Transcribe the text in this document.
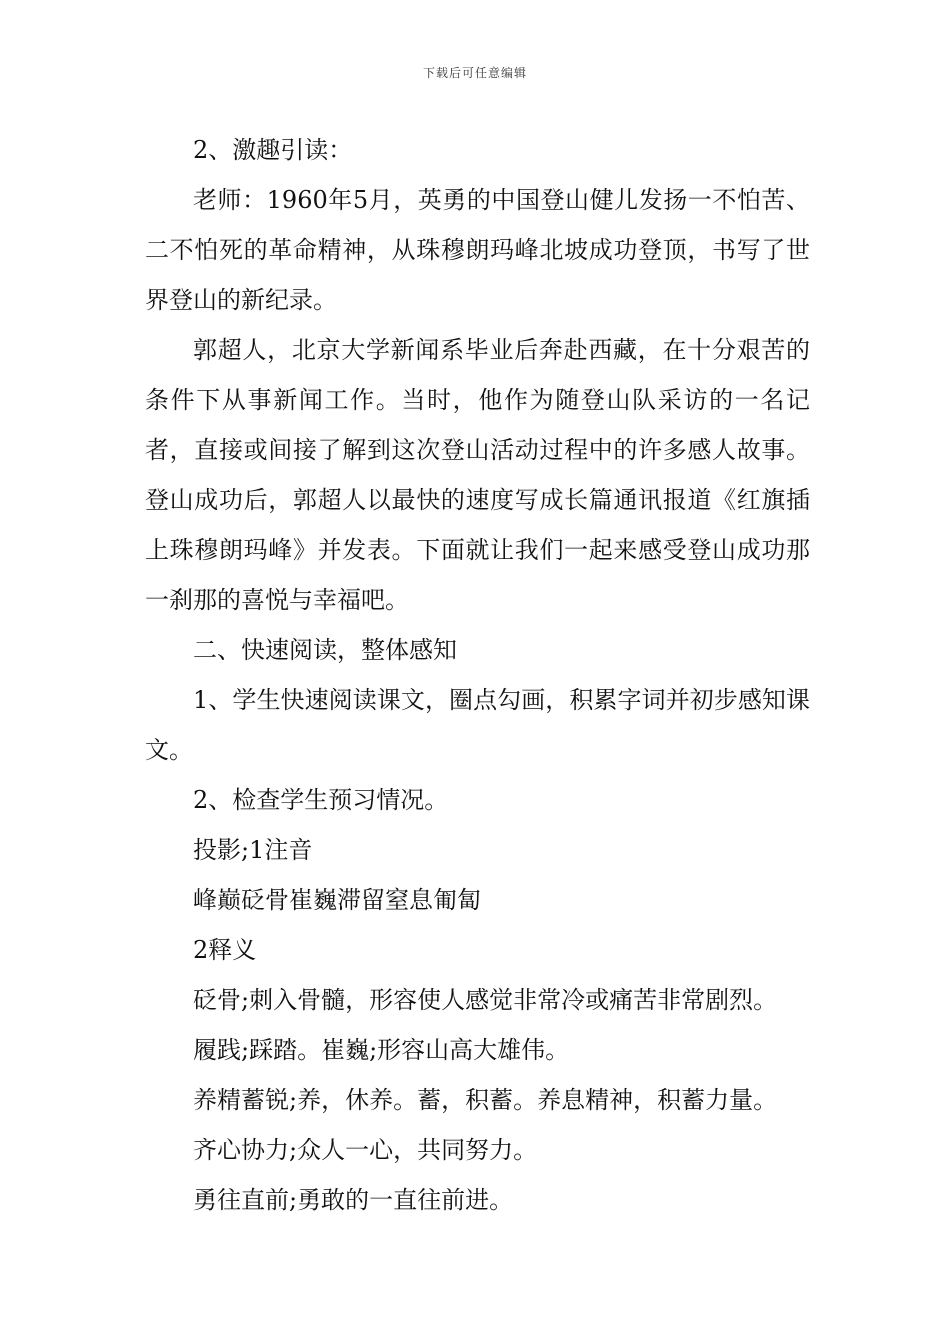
下载后可任意编辑

2、激趣引读：

老师：1960年5月，英勇的中国登山健儿发扬一不怕苦、二不怕死的革命精神，从珠穆朗玛峰北坡成功登顶，书写了世界登山的新纪录。

郭超人，北京大学新闻系毕业后奔赴西藏，在十分艰苦的条件下从事新闻工作。当时，他作为随登山队采访的一名记者，直接或间接了解到这次登山活动过程中的许多感人故事。登山成功后，郭超人以最快的速度写成长篇通讯报道《红旗插上珠穆朗玛峰》并发表。下面就让我们一起来感受登山成功那一刹那的喜悦与幸福吧。

二、快速阅读，整体感知

1、学生快速阅读课文，圈点勾画，积累字词并初步感知课文。

2、检查学生预习情况。

投影;1注音

峰巅砭骨崔巍滞留窒息匍匐

2释义

砭骨;刺入骨髓，形容使人感觉非常冷或痛苦非常剧烈。

履践;踩踏。崔巍;形容山高大雄伟。

养精蓄锐;养，休养。蓄，积蓄。养息精神，积蓄力量。

齐心协力;众人一心，共同努力。

勇往直前;勇敢的一直往前进。
